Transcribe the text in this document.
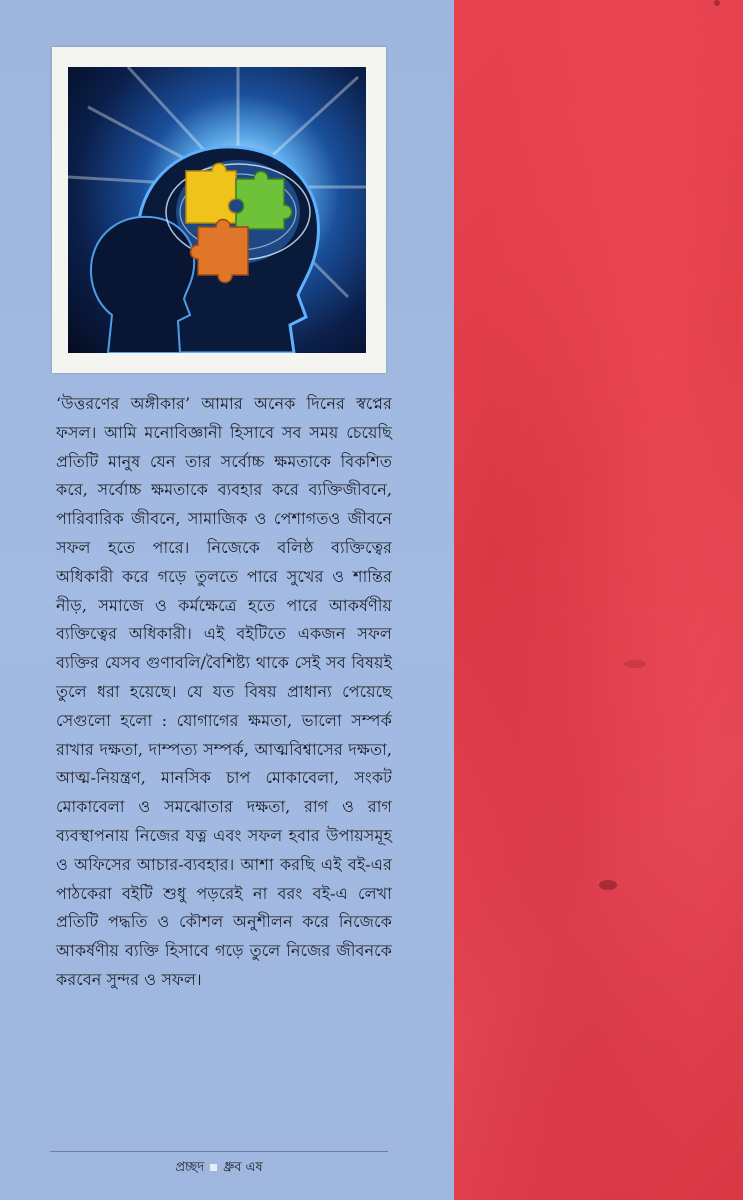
‘উত্তরণের অঙ্গীকার’ আমার অনেক দিনের স্বপ্নের ফসল। আমি মনোবিজ্ঞানী হিসাবে সব সময় চেয়েছি প্রতিটি মানুষ যেন তার সর্বোচ্চ ক্ষমতাকে বিকশিত করে, সর্বোচ্চ ক্ষমতাকে ব্যবহার করে ব্যক্তিজীবনে, পারিবারিক জীবনে, সামাজিক ও পেশাগতও জীবনে সফল হতে পারে। নিজেকে বলিষ্ঠ ব্যক্তিত্বের অধিকারী করে গড়ে তুলতে পারে সুখের ও শান্তির নীড়, সমাজে ও কর্মক্ষেত্রে হতে পারে আকর্ষণীয় ব্যক্তিত্বের অধিকারী। এই বইটিতে একজন সফল ব্যক্তির যেসব গুণাবলি/বৈশিষ্ট্য থাকে সেই সব বিষয়ই তুলে ধরা হয়েছে। যে যত বিষয় প্রাধান্য পেয়েছে সেগুলো হলো : যোগাগের ক্ষমতা, ভালো সম্পর্ক রাখার দক্ষতা, দাম্পত্য সম্পর্ক, আত্মবিশ্বাসের দক্ষতা, আত্ম-নিয়ন্ত্রণ, মানসিক চাপ মোকাবেলা, সংকট মোকাবেলা ও সমঝোতার দক্ষতা, রাগ ও রাগ ব্যবস্থাপনায় নিজের যত্ন এবং সফল হবার উপায়সমূহ ও অফিসের আচার-ব্যবহার। আশা করছি এই বই-এর পাঠকেরা বইটি শুধু পড়রেই না বরং বই-এ লেখা প্রতিটি পদ্ধতি ও কৌশল অনুশীলন করে নিজেকে আকর্ষণীয় ব্যক্তি হিসাবে গড়ে তুলে নিজের জীবনকে করবেন সুন্দর ও সফল।

প্রচ্ছদ ধ্রুব এষ
